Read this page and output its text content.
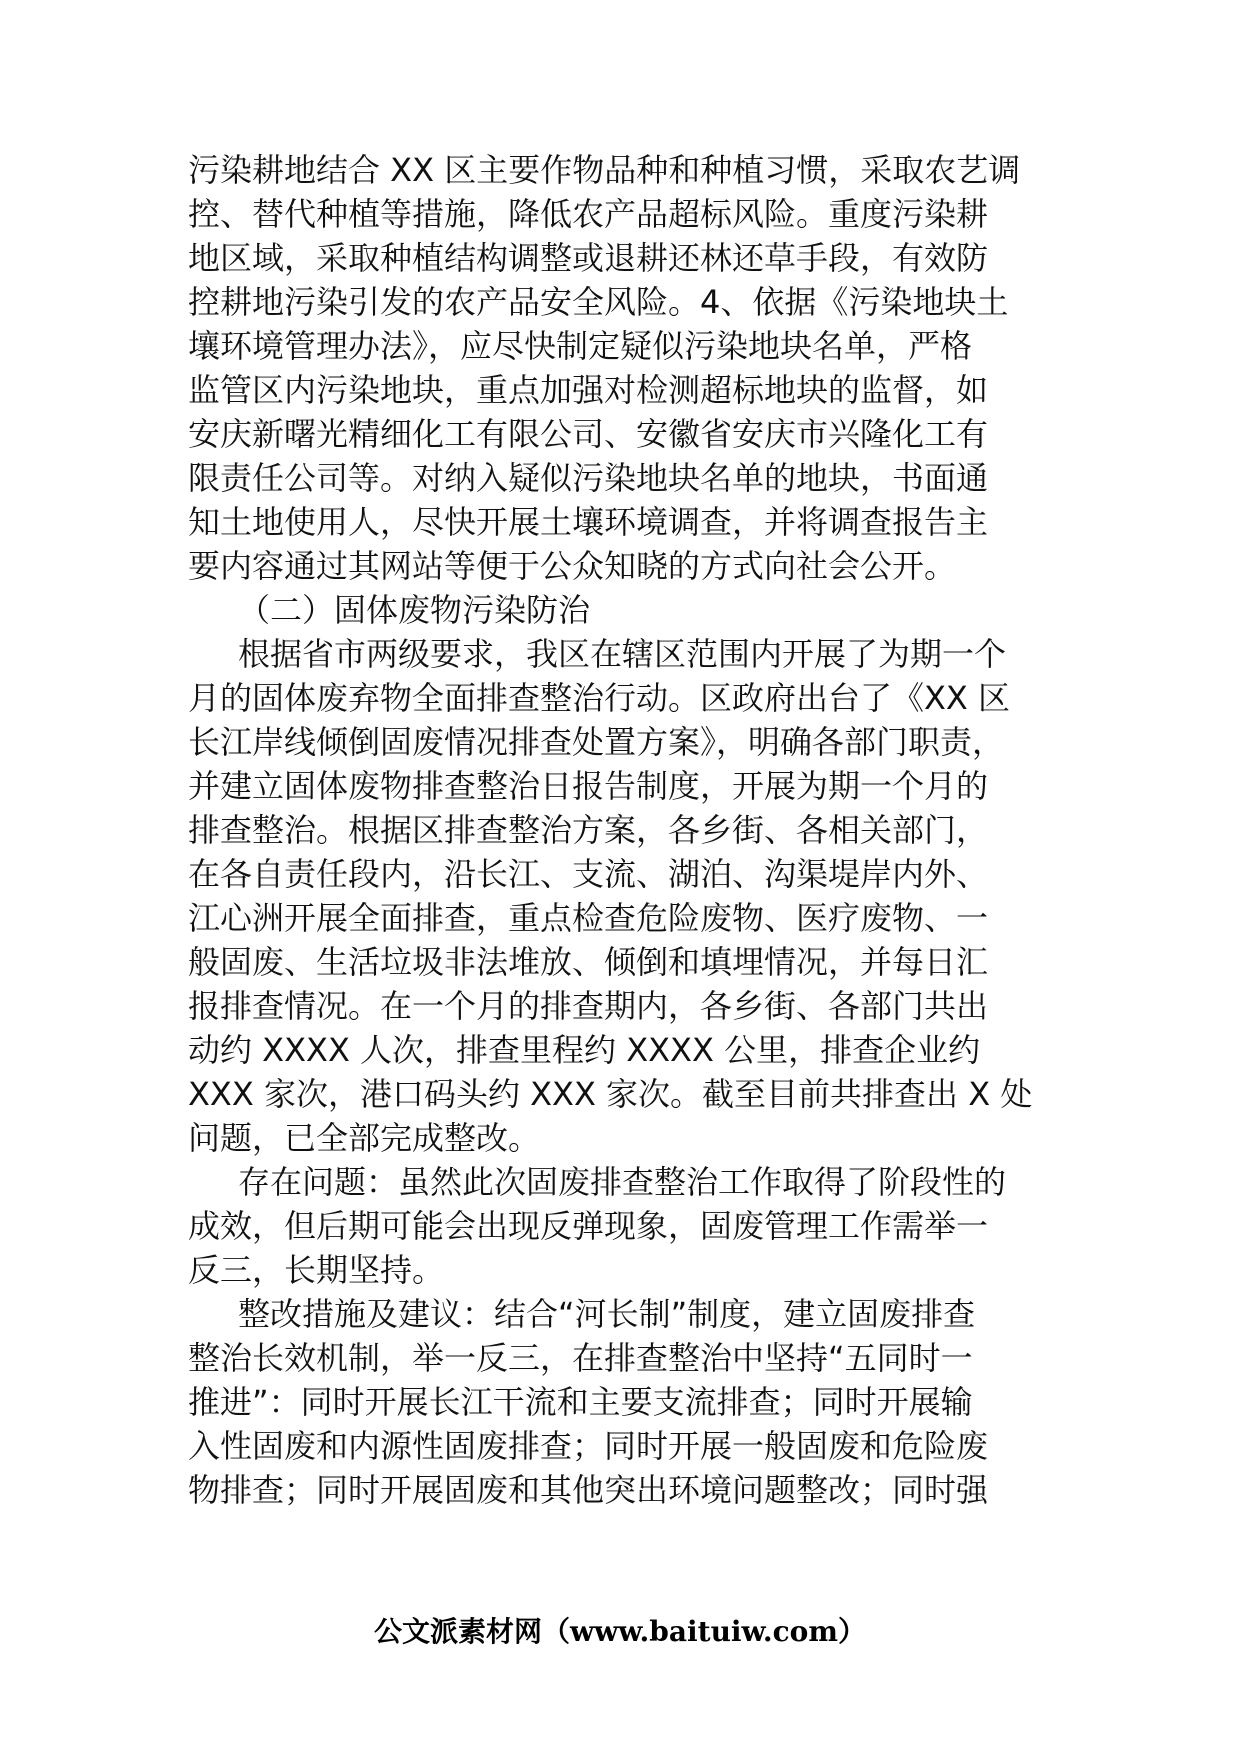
污染耕地结合 XX 区主要作物品种和种植习惯，采取农艺调
控、替代种植等措施，降低农产品超标风险。重度污染耕
地区域，采取种植结构调整或退耕还林还草手段，有效防
控耕地污染引发的农产品安全风险。4、依据《污染地块土
壤环境管理办法》，应尽快制定疑似污染地块名单，严格
监管区内污染地块，重点加强对检测超标地块的监督，如
安庆新曙光精细化工有限公司、安徽省安庆市兴隆化工有
限责任公司等。对纳入疑似污染地块名单的地块，书面通
知土地使用人，尽快开展土壤环境调查，并将调查报告主
要内容通过其网站等便于公众知晓的方式向社会公开。
（二）固体废物污染防治
根据省市两级要求，我区在辖区范围内开展了为期一个
月的固体废弃物全面排查整治行动。区政府出台了《XX 区
长江岸线倾倒固废情况排查处置方案》，明确各部门职责，
并建立固体废物排查整治日报告制度，开展为期一个月的
排查整治。根据区排查整治方案，各乡街、各相关部门，
在各自责任段内，沿长江、支流、湖泊、沟渠堤岸内外、
江心洲开展全面排查，重点检查危险废物、医疗废物、一
般固废、生活垃圾非法堆放、倾倒和填埋情况，并每日汇
报排查情况。在一个月的排查期内，各乡街、各部门共出
动约 XXXX 人次，排查里程约 XXXX 公里，排查企业约
XXX 家次，港口码头约 XXX 家次。截至目前共排查出 X 处
问题，已全部完成整改。
存在问题：虽然此次固废排查整治工作取得了阶段性的
成效，但后期可能会出现反弹现象，固废管理工作需举一
反三，长期坚持。
整改措施及建议：结合“河长制”制度，建立固废排查
整治长效机制，举一反三，在排查整治中坚持“五同时一
推进”：同时开展长江干流和主要支流排查；同时开展输
入性固废和内源性固废排查；同时开展一般固废和危险废
物排查；同时开展固废和其他突出环境问题整改；同时强
公文派素材网（www.baituiw.com）
